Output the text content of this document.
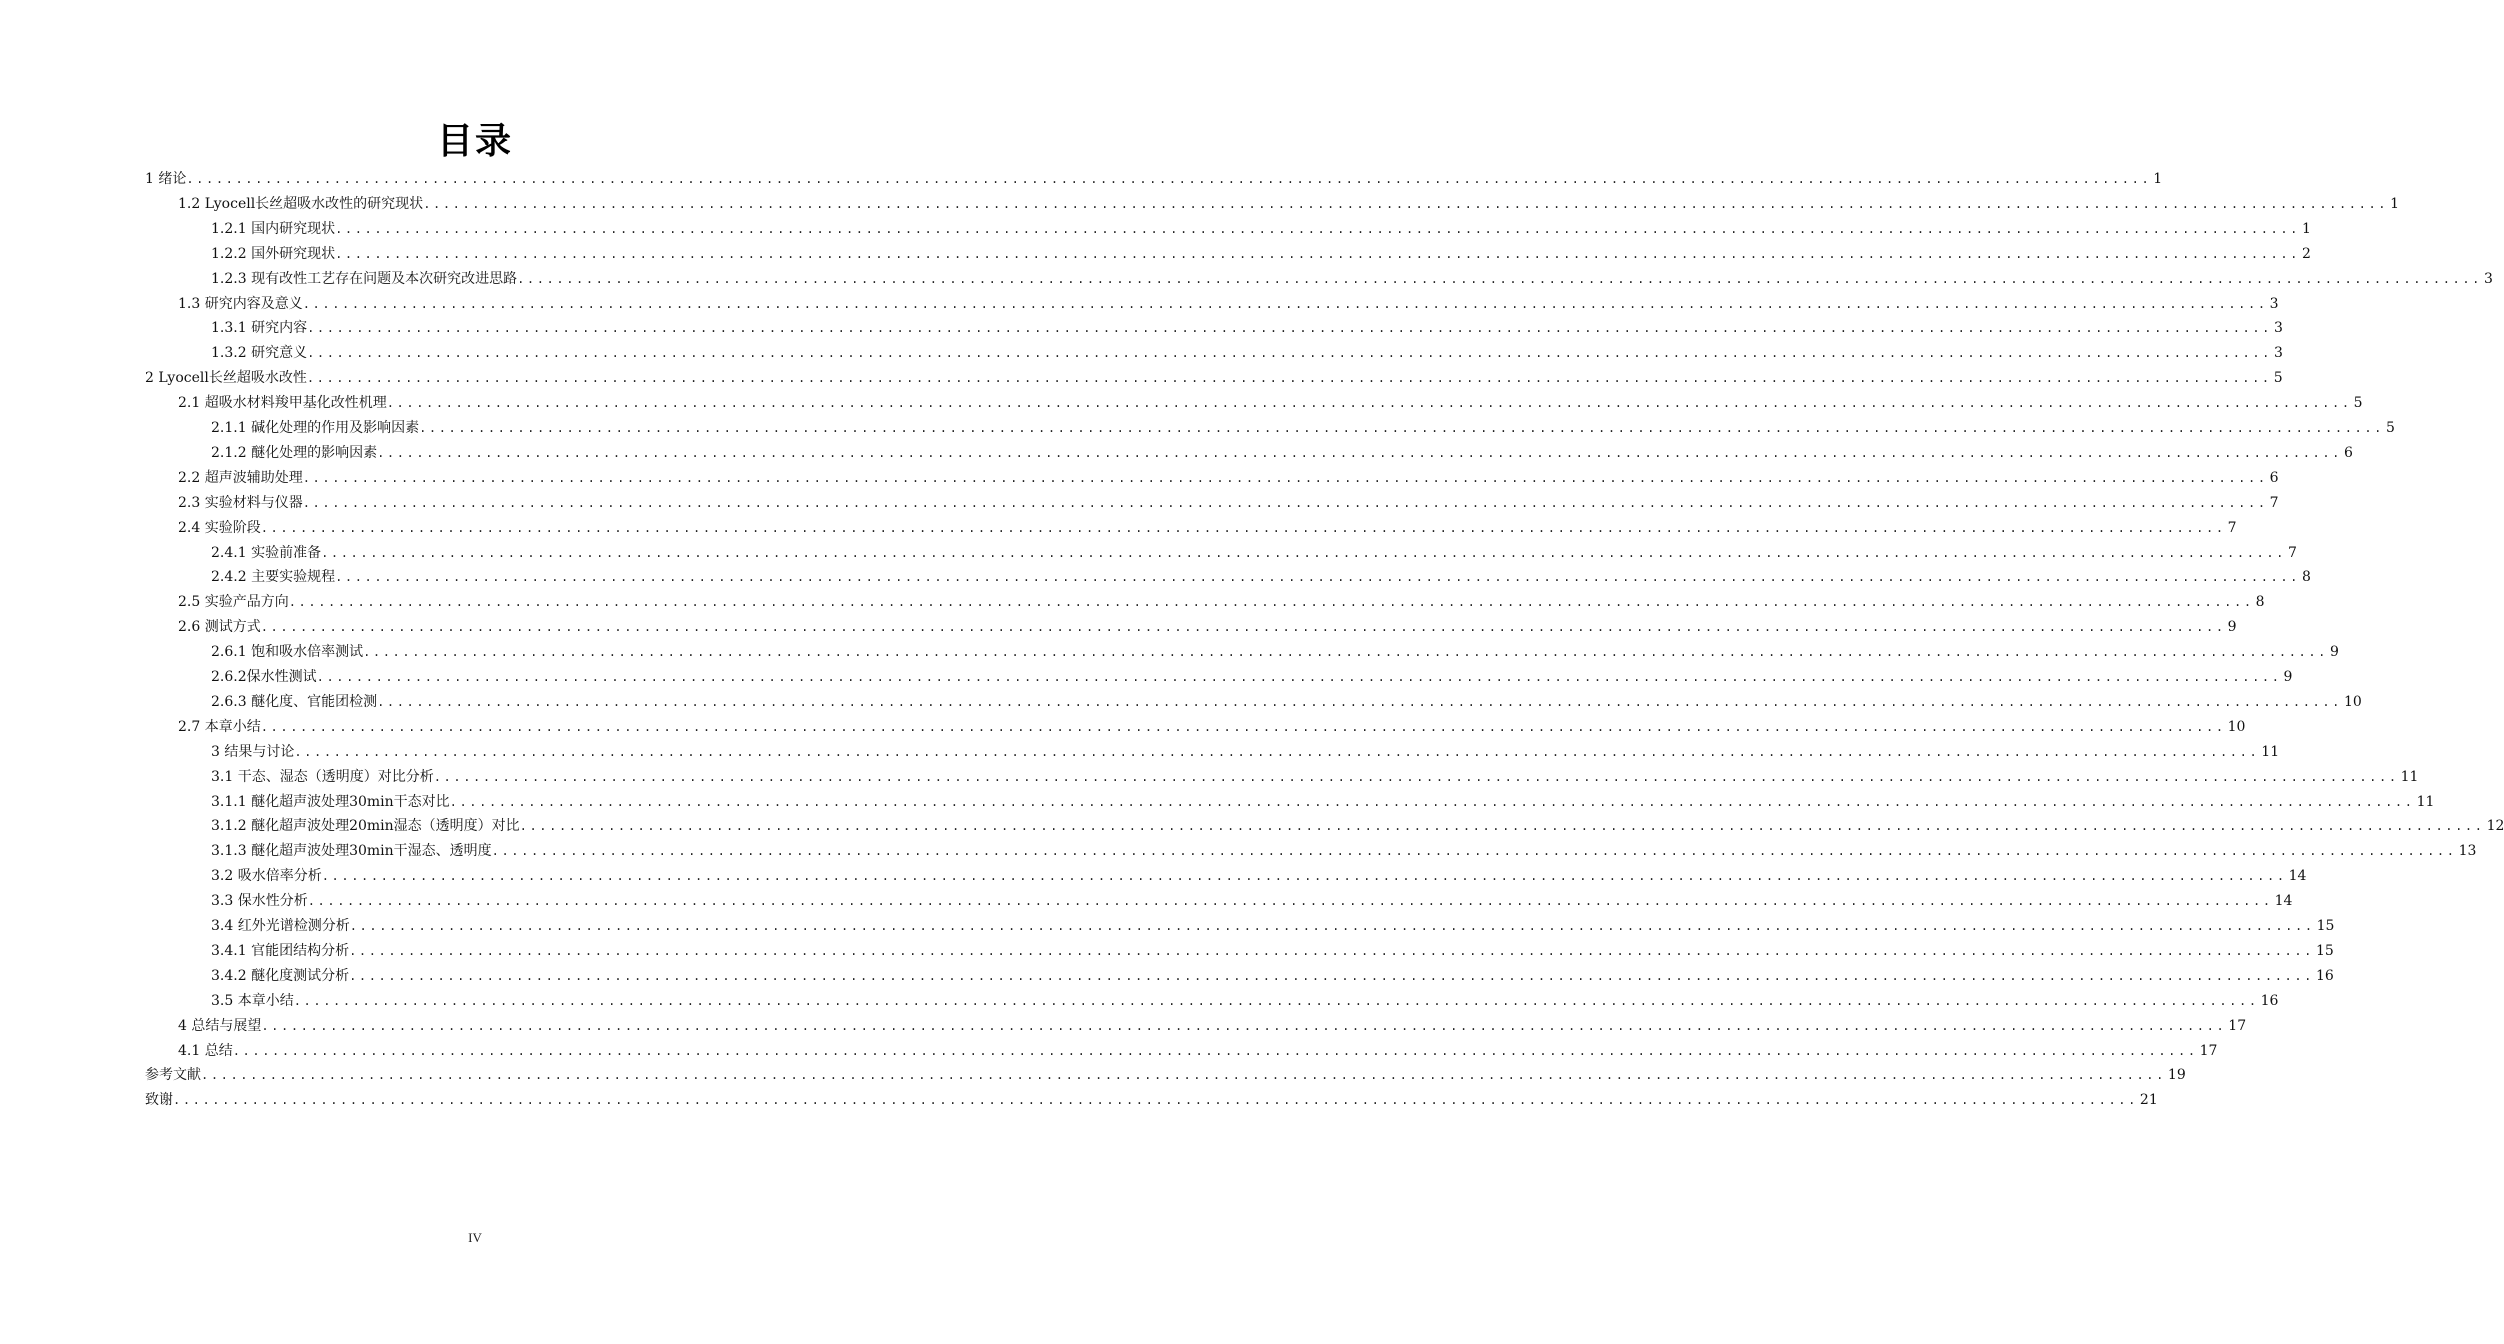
目录
1 绪论 ........................................................................................................................................................................................................ 1
1.2 Lyocell长丝超吸水改性的研究现状 ........................................................................................................................................................................................................ 1
1.2.1 国内研究现状 ........................................................................................................................................................................................................ 1
1.2.2 国外研究现状 ........................................................................................................................................................................................................ 2
1.2.3 现有改性工艺存在问题及本次研究改进思路 ........................................................................................................................................................................................................ 3
1.3 研究内容及意义 ........................................................................................................................................................................................................ 3
1.3.1 研究内容 ........................................................................................................................................................................................................ 3
1.3.2 研究意义 ........................................................................................................................................................................................................ 3
2 Lyocell长丝超吸水改性 ........................................................................................................................................................................................................ 5
2.1 超吸水材料羧甲基化改性机理 ........................................................................................................................................................................................................ 5
2.1.1 碱化处理的作用及影响因素 ........................................................................................................................................................................................................ 5
2.1.2 醚化处理的影响因素 ........................................................................................................................................................................................................ 6
2.2 超声波辅助处理 ........................................................................................................................................................................................................ 6
2.3 实验材料与仪器 ........................................................................................................................................................................................................ 7
2.4 实验阶段 ........................................................................................................................................................................................................ 7
2.4.1 实验前准备 ........................................................................................................................................................................................................ 7
2.4.2 主要实验规程 ........................................................................................................................................................................................................ 8
2.5 实验产品方向 ........................................................................................................................................................................................................ 8
2.6 测试方式 ........................................................................................................................................................................................................ 9
2.6.1 饱和吸水倍率测试 ........................................................................................................................................................................................................ 9
2.6.2保水性测试 ........................................................................................................................................................................................................ 9
2.6.3 醚化度、官能团检测 ........................................................................................................................................................................................................ 10
2.7 本章小结 ........................................................................................................................................................................................................ 10
3 结果与讨论 ........................................................................................................................................................................................................ 11
3.1 干态、湿态（透明度）对比分析 ........................................................................................................................................................................................................ 11
3.1.1 醚化超声波处理30min干态对比 ........................................................................................................................................................................................................ 11
3.1.2 醚化超声波处理20min湿态（透明度）对比 ........................................................................................................................................................................................................ 12
3.1.3 醚化超声波处理30min干湿态、透明度 ........................................................................................................................................................................................................ 13
3.2 吸水倍率分析 ........................................................................................................................................................................................................ 14
3.3 保水性分析 ........................................................................................................................................................................................................ 14
3.4 红外光谱检测分析 ........................................................................................................................................................................................................ 15
3.4.1 官能团结构分析 ........................................................................................................................................................................................................ 15
3.4.2 醚化度测试分析 ........................................................................................................................................................................................................ 16
3.5 本章小结 ........................................................................................................................................................................................................ 16
4 总结与展望 ........................................................................................................................................................................................................ 17
4.1 总结 ........................................................................................................................................................................................................ 17
参考文献 ........................................................................................................................................................................................................ 19
致谢 ........................................................................................................................................................................................................ 21
IV
